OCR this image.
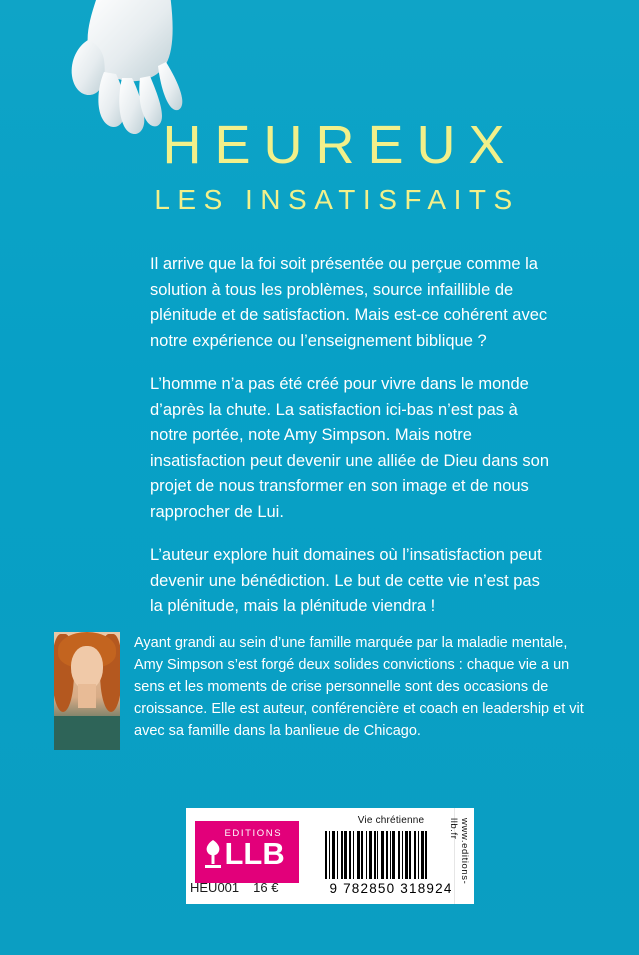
HEUREUX
LES INSATISFAITS

Il arrive que la foi soit présentée ou perçue comme la solution à tous les problèmes, source infaillible de plénitude et de satisfaction. Mais est-ce cohérent avec notre expérience ou l’enseignement biblique ?

L’homme n’a pas été créé pour vivre dans le monde d’après la chute. La satisfaction ici-bas n’est pas à notre portée, note Amy Simpson. Mais notre insatisfaction peut devenir une alliée de Dieu dans son projet de nous transformer en son image et de nous rapprocher de Lui.

L’auteur explore huit domaines où l’insatisfaction peut devenir une bénédiction. Le but de cette vie n’est pas la plénitude, mais la plénitude viendra !

Ayant grandi au sein d’une famille marquée par la maladie mentale, Amy Simpson s’est forgé deux solides convictions : chaque vie a un sens et les moments de crise personnelle sont des occasions de croissance. Elle est auteur, conférencière et coach en leadership et vit avec sa famille dans la banlieue de Chicago.
EDITIONS
LLB
Vie chrétienne
9 782850 318924
www.editions-llb.fr
HEU001 16 €
